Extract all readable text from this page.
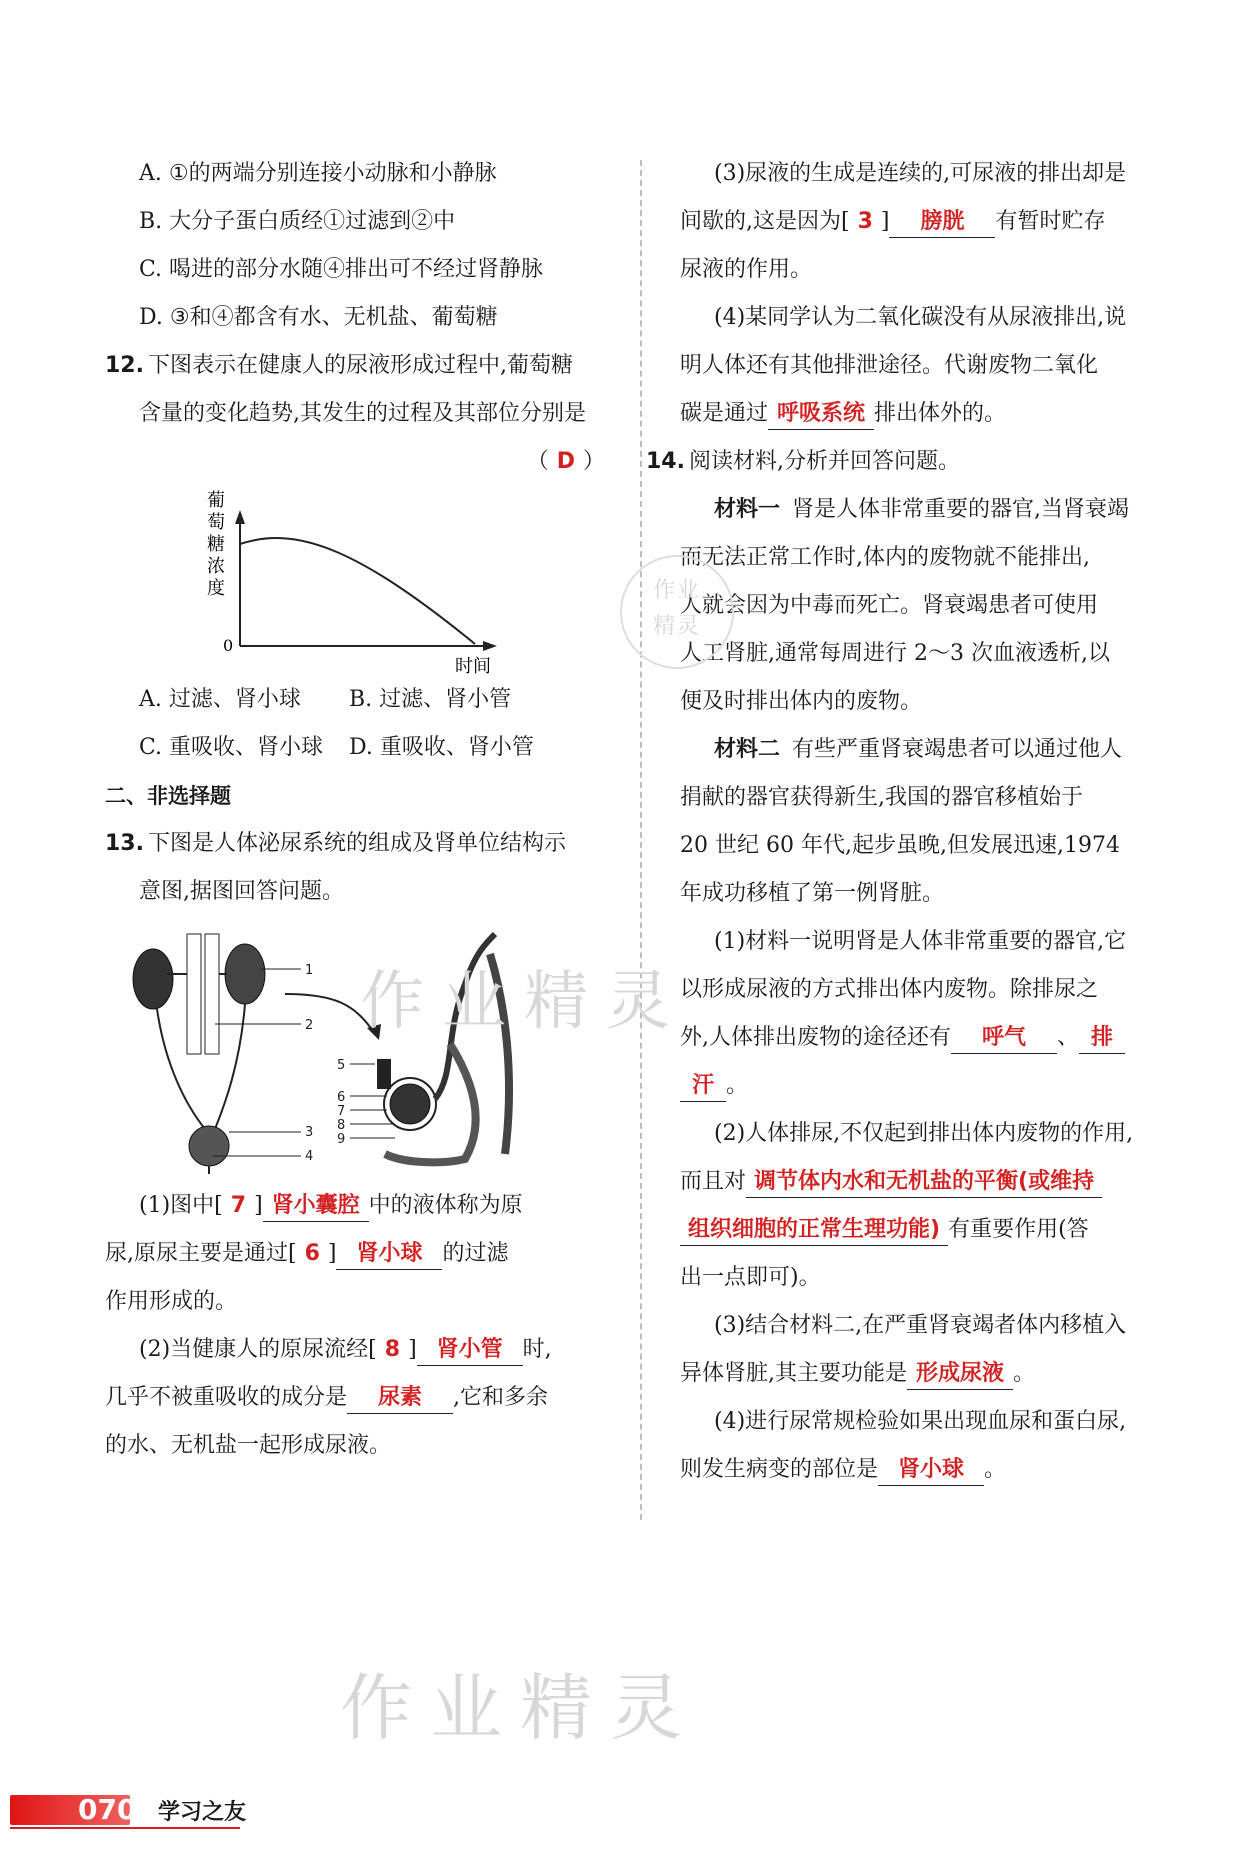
A. ①的两端分别连接小动脉和小静脉
B. 大分子蛋白质经①过滤到②中
C. 喝进的部分水随④排出可不经过肾静脉
D. ③和④都含有水、无机盐、葡萄糖
12. 下图表示在健康人的尿液形成过程中,葡萄糖
含量的变化趋势,其发生的过程及其部位分别是
（ D ）
葡
萄
糖
浓
度
0
时间
A. 过滤、肾小球 B. 过滤、肾小管
C. 重吸收、肾小球 D. 重吸收、肾小管
二、非选择题
13. 下图是人体泌尿系统的组成及肾单位结构示
意图,据图回答问题。
1
2
3
4
5
6
7
8
9
(1)图中[ 7 ] 肾小囊腔 中的液体称为原
尿,原尿主要是通过[ 6 ] 肾小球 的过滤
作用形成的。
(2)当健康人的原尿流经[ 8 ] 肾小管 时,
几乎不被重吸收的成分是 尿素 ,它和多余
的水、无机盐一起形成尿液。
(3)尿液的生成是连续的,可尿液的排出却是
间歇的,这是因为[ 3 ] 膀胱 有暂时贮存
尿液的作用。
(4)某同学认为二氧化碳没有从尿液排出,说
明人体还有其他排泄途径。代谢废物二氧化
碳是通过 呼吸系统 排出体外的。
14. 阅读材料,分析并回答问题。
材料一 肾是人体非常重要的器官,当肾衰竭
而无法正常工作时,体内的废物就不能排出,
人就会因为中毒而死亡。肾衰竭患者可使用
人工肾脏,通常每周进行 2～3 次血液透析,以
便及时排出体内的废物。
材料二 有些严重肾衰竭患者可以通过他人
捐献的器官获得新生,我国的器官移植始于
20 世纪 60 年代,起步虽晚,但发展迅速,1974
年成功移植了第一例肾脏。
(1)材料一说明肾是人体非常重要的器官,它
以形成尿液的方式排出体内废物。除排尿之
外,人体排出废物的途径还有 呼气 、 排
汗 。
(2)人体排尿,不仅起到排出体内废物的作用,
而且对 调节体内水和无机盐的平衡(或维持
组织细胞的正常生理功能) 有重要作用(答
出一点即可)。
(3)结合材料二,在严重肾衰竭者体内移植入
异体肾脏,其主要功能是 形成尿液 。
(4)进行尿常规检验如果出现血尿和蛋白尿,
则发生病变的部位是 肾小球 。
作业
精灵
作业精灵
作业精灵
070 学习之友
